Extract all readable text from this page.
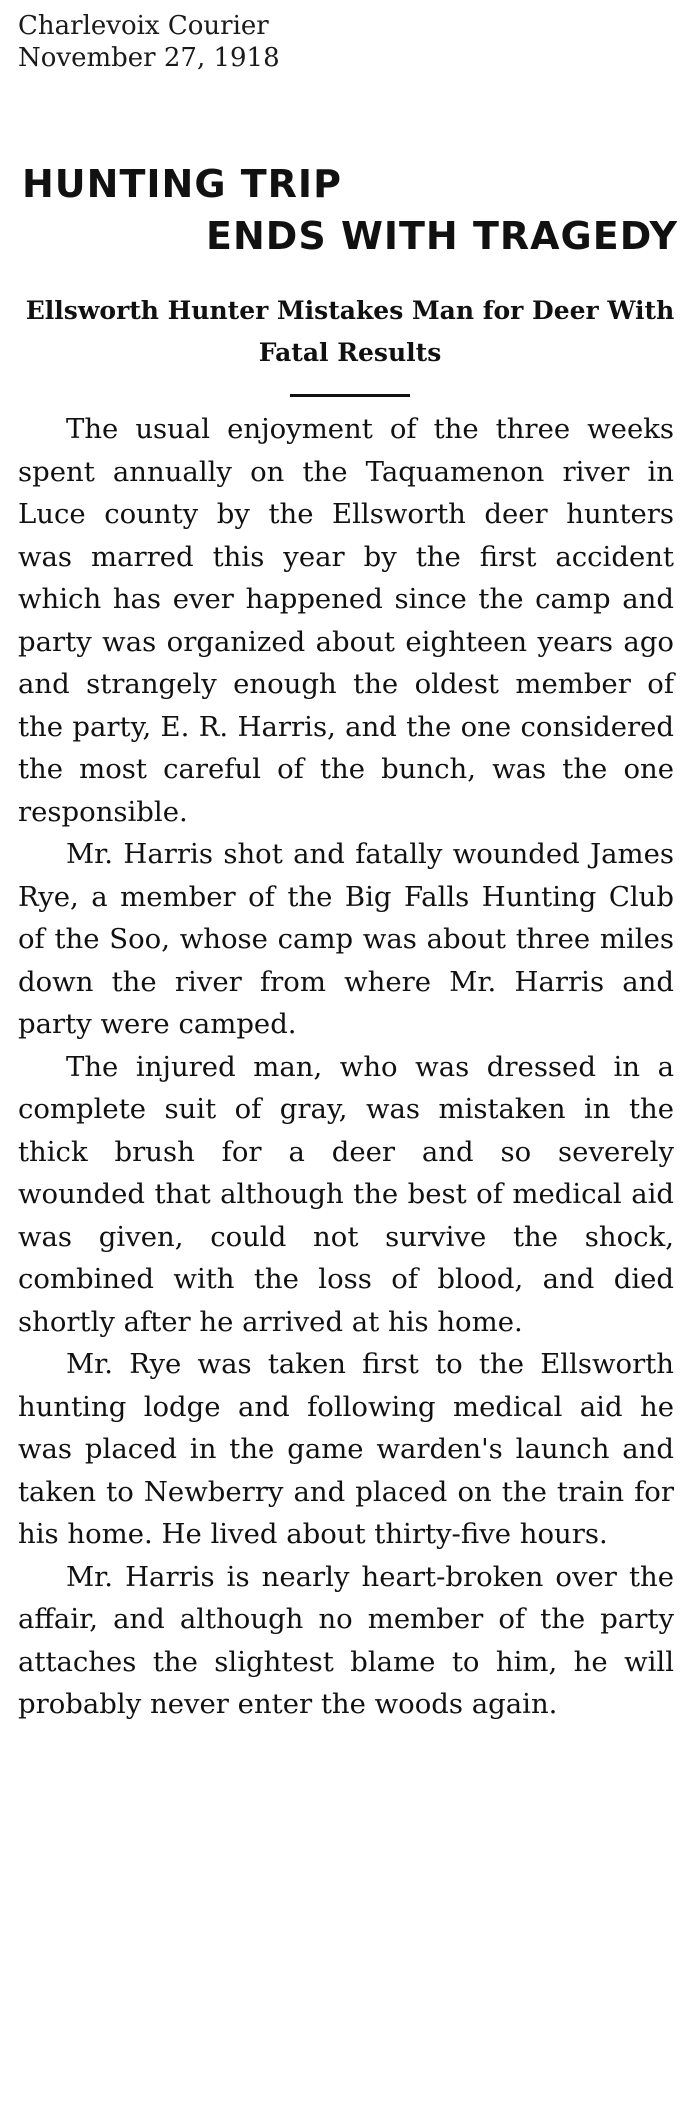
Charlevoix Courier
November 27, 1918
HUNTING TRIP
ENDS WITH TRAGEDY
Ellsworth Hunter Mistakes Man for Deer With Fatal Results

The usual enjoyment of the three weeks spent annually on the Taquamenon river in Luce county by the Ellsworth deer hunters was marred this year by the first accident which has ever happened since the camp and party was organized about eighteen years ago and strangely enough the oldest member of the party, E. R. Harris, and the one considered the most careful of the bunch, was the one responsible.

Mr. Harris shot and fatally wounded James Rye, a member of the Big Falls Hunting Club of the Soo, whose camp was about three miles down the river from where Mr. Harris and party were camped.

The injured man, who was dressed in a complete suit of gray, was mistaken in the thick brush for a deer and so severely wounded that although the best of medical aid was given, could not survive the shock, combined with the loss of blood, and died shortly after he arrived at his home.

Mr. Rye was taken first to the Ellsworth hunting lodge and following medical aid he was placed in the game warden's launch and taken to Newberry and placed on the train for his home. He lived about thirty-five hours.

Mr. Harris is nearly heart-broken over the affair, and although no member of the party attaches the slightest blame to him, he will probably never enter the woods again.
